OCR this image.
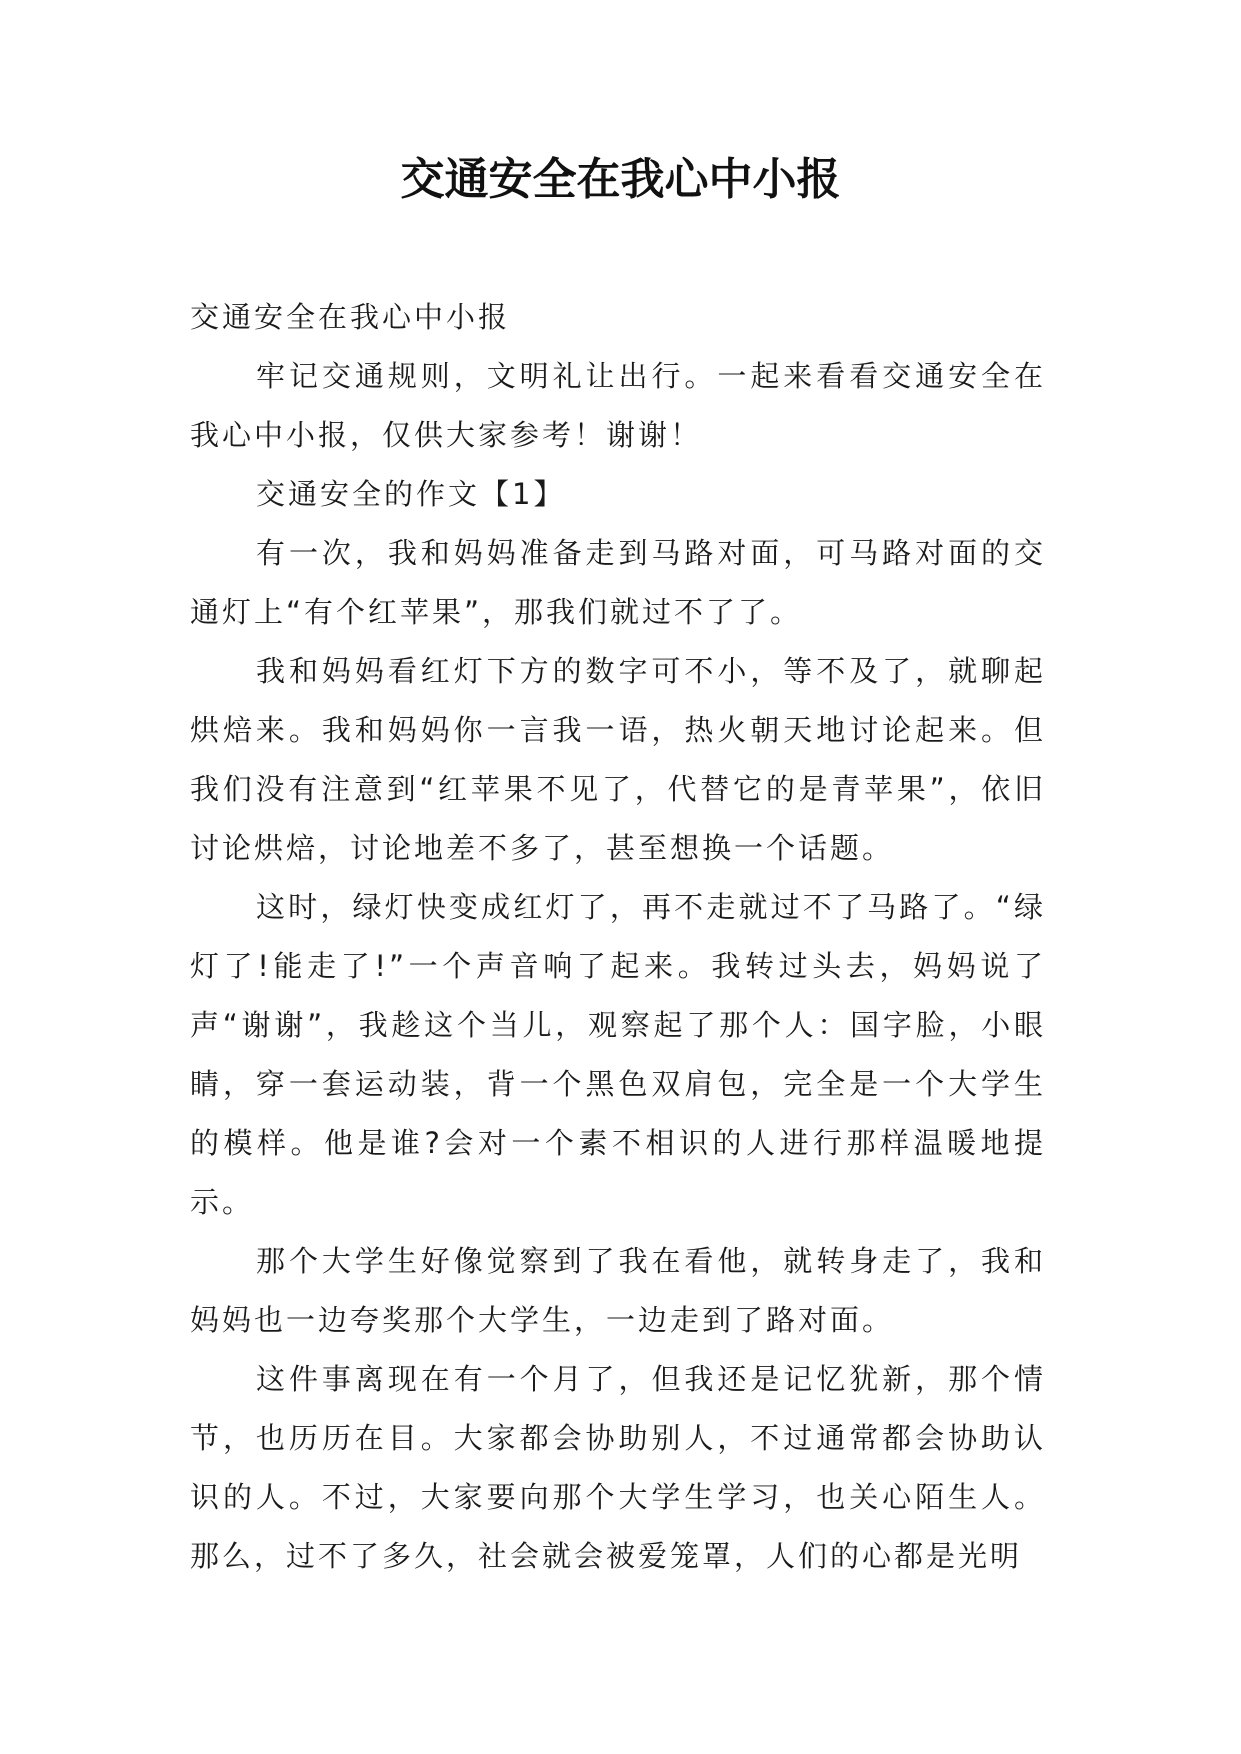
交通安全在我心中小报

交通安全在我心中小报

牢记交通规则，文明礼让出行。一起来看看交通安全在我心中小报，仅供大家参考！谢谢！

交通安全的作文【1】

有一次，我和妈妈准备走到马路对面，可马路对面的交通灯上“有个红苹果”，那我们就过不了了。

我和妈妈看红灯下方的数字可不小，等不及了，就聊起烘焙来。我和妈妈你一言我一语，热火朝天地讨论起来。但我们没有注意到“红苹果不见了，代替它的是青苹果”，依旧讨论烘焙，讨论地差不多了，甚至想换一个话题。

这时，绿灯快变成红灯了，再不走就过不了马路了。“绿灯了!能走了!”一个声音响了起来。我转过头去，妈妈说了声“谢谢”，我趁这个当儿，观察起了那个人：国字脸，小眼睛，穿一套运动装，背一个黑色双肩包，完全是一个大学生的模样。他是谁?会对一个素不相识的人进行那样温暖地提示。

那个大学生好像觉察到了我在看他，就转身走了，我和妈妈也一边夸奖那个大学生，一边走到了路对面。

这件事离现在有一个月了，但我还是记忆犹新，那个情节，也历历在目。大家都会协助别人，不过通常都会协助认识的人。不过，大家要向那个大学生学习，也关心陌生人。那么，过不了多久，社会就会被爱笼罩，人们的心都是光明
